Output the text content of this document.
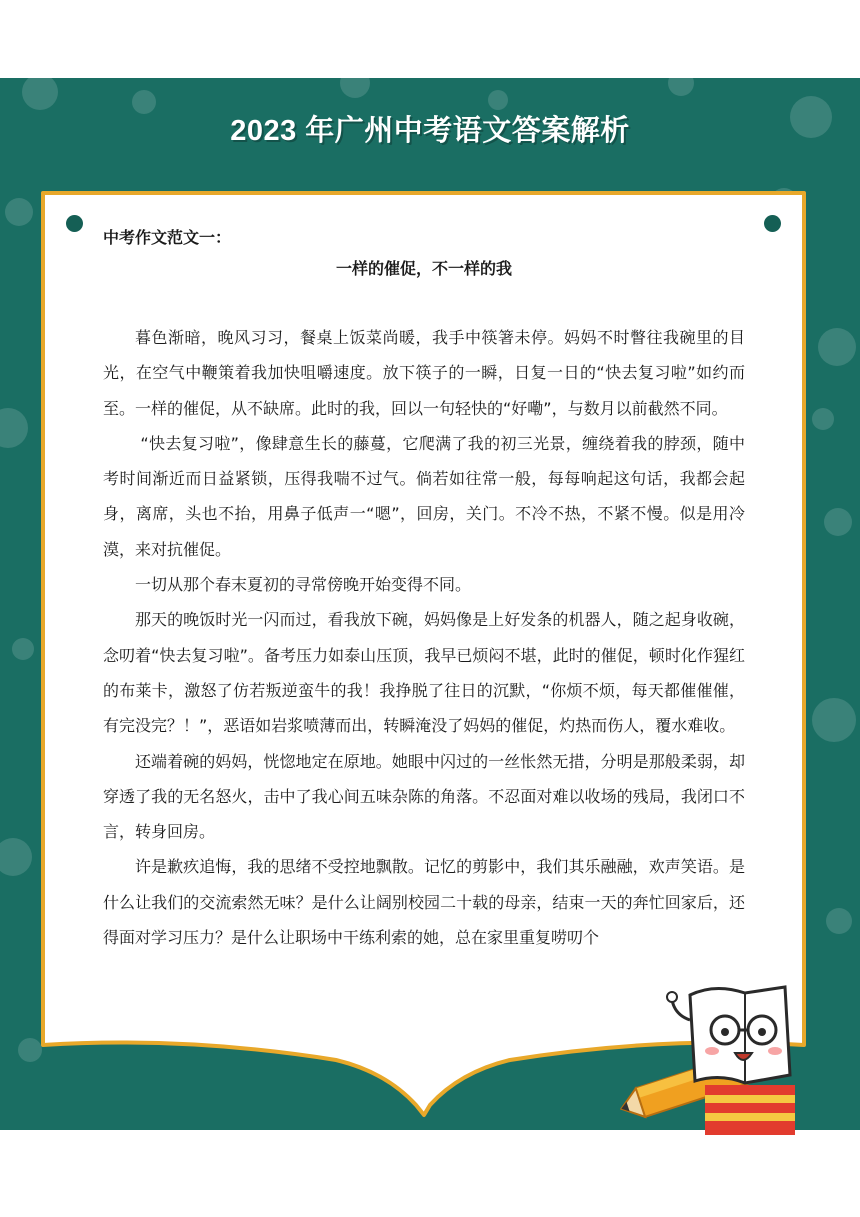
2023 年广州中考语文答案解析
中考作文范文一：
一样的催促，不一样的我

暮色渐暗，晚风习习，餐桌上饭菜尚暖，我手中筷箸未停。妈妈不时瞥往我碗里的目光，在空气中鞭策着我加快咀嚼速度。放下筷子的一瞬，日复一日的“快去复习啦”如约而至。一样的催促，从不缺席。此时的我，回以一句轻快的“好嘞”，与数月以前截然不同。

“快去复习啦”，像肆意生长的藤蔓，它爬满了我的初三光景，缠绕着我的脖颈，随中考时间渐近而日益紧锁，压得我喘不过气。倘若如往常一般，每每响起这句话，我都会起身，离席，头也不抬，用鼻子低声一“嗯”，回房，关门。不冷不热，不紧不慢。似是用冷漠，来对抗催促。

一切从那个春末夏初的寻常傍晚开始变得不同。

那天的晚饭时光一闪而过，看我放下碗，妈妈像是上好发条的机器人，随之起身收碗，念叨着“快去复习啦”。备考压力如泰山压顶，我早已烦闷不堪，此时的催促，顿时化作猩红的布莱卡，激怒了仿若叛逆蛮牛的我！我挣脱了往日的沉默，“你烦不烦，每天都催催催，有完没完？！”，恶语如岩浆喷薄而出，转瞬淹没了妈妈的催促，灼热而伤人，覆水难收。

还端着碗的妈妈，恍惚地定在原地。她眼中闪过的一丝怅然无措，分明是那般柔弱，却穿透了我的无名怒火，击中了我心间五味杂陈的角落。不忍面对难以收场的残局，我闭口不言，转身回房。

许是歉疚追悔，我的思绪不受控地飘散。记忆的剪影中，我们其乐融融，欢声笑语。是什么让我们的交流索然无味？是什么让阔别校园二十载的母亲，结束一天的奔忙回家后，还得面对学习压力？是什么让职场中干练利索的她，总在家里重复唠叨个
